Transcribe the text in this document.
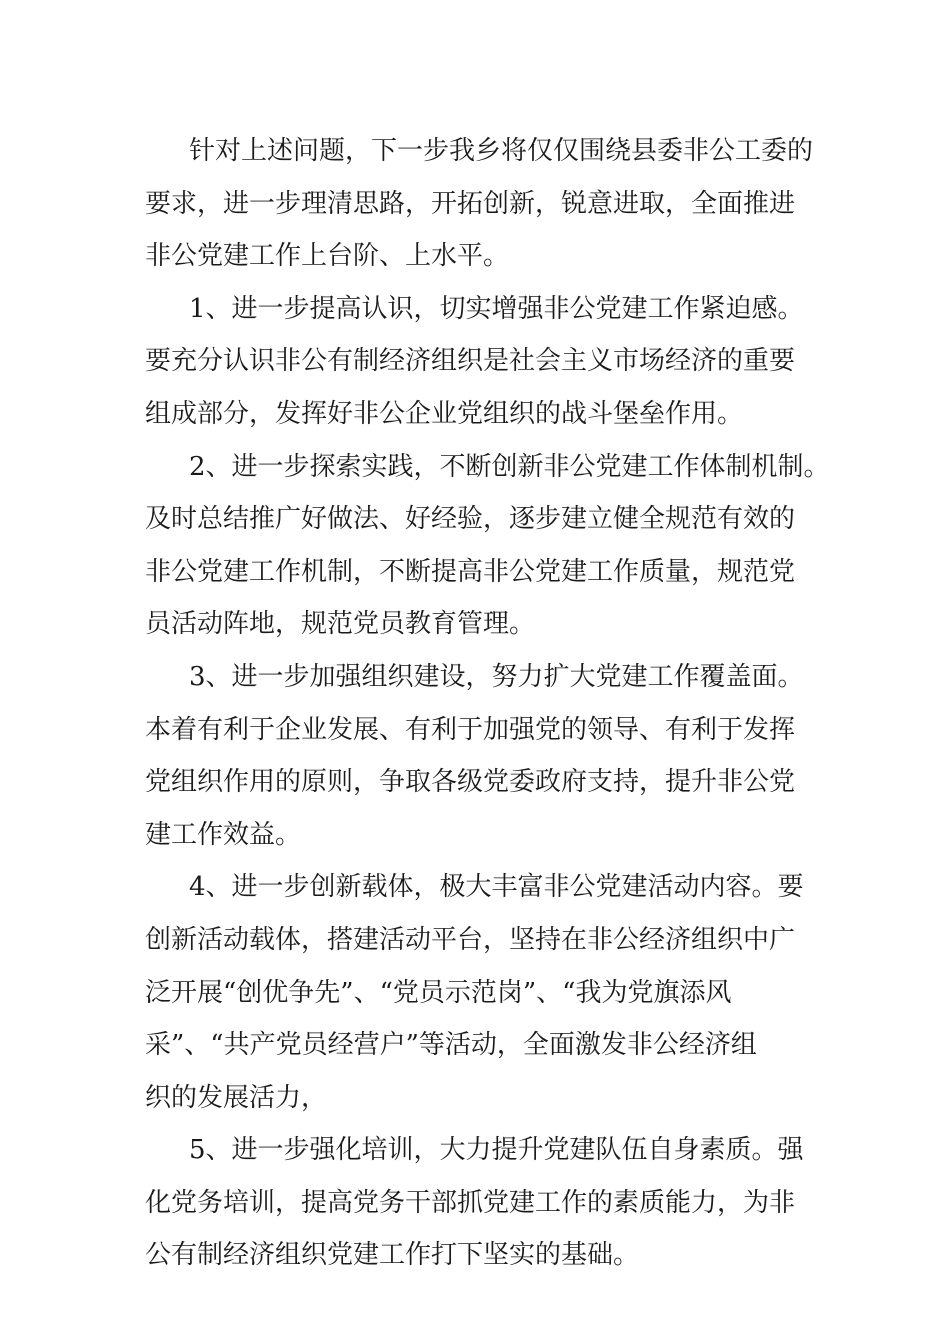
针对上述问题，下一步我乡将仅仅围绕县委非公工委的
要求，进一步理清思路，开拓创新，锐意进取，全面推进
非公党建工作上台阶、上水平。
1、进一步提高认识，切实增强非公党建工作紧迫感。
要充分认识非公有制经济组织是社会主义市场经济的重要
组成部分，发挥好非公企业党组织的战斗堡垒作用。
2、进一步探索实践，不断创新非公党建工作体制机制。
及时总结推广好做法、好经验，逐步建立健全规范有效的
非公党建工作机制，不断提高非公党建工作质量，规范党
员活动阵地，规范党员教育管理。
3、进一步加强组织建设，努力扩大党建工作覆盖面。
本着有利于企业发展、有利于加强党的领导、有利于发挥
党组织作用的原则，争取各级党委政府支持，提升非公党
建工作效益。
4、进一步创新载体，极大丰富非公党建活动内容。要
创新活动载体，搭建活动平台，坚持在非公经济组织中广
泛开展“创优争先”、“党员示范岗”、“我为党旗添风
采”、“共产党员经营户”等活动，全面激发非公经济组
织的发展活力，
5、进一步强化培训，大力提升党建队伍自身素质。强
化党务培训，提高党务干部抓党建工作的素质能力，为非
公有制经济组织党建工作打下坚实的基础。
